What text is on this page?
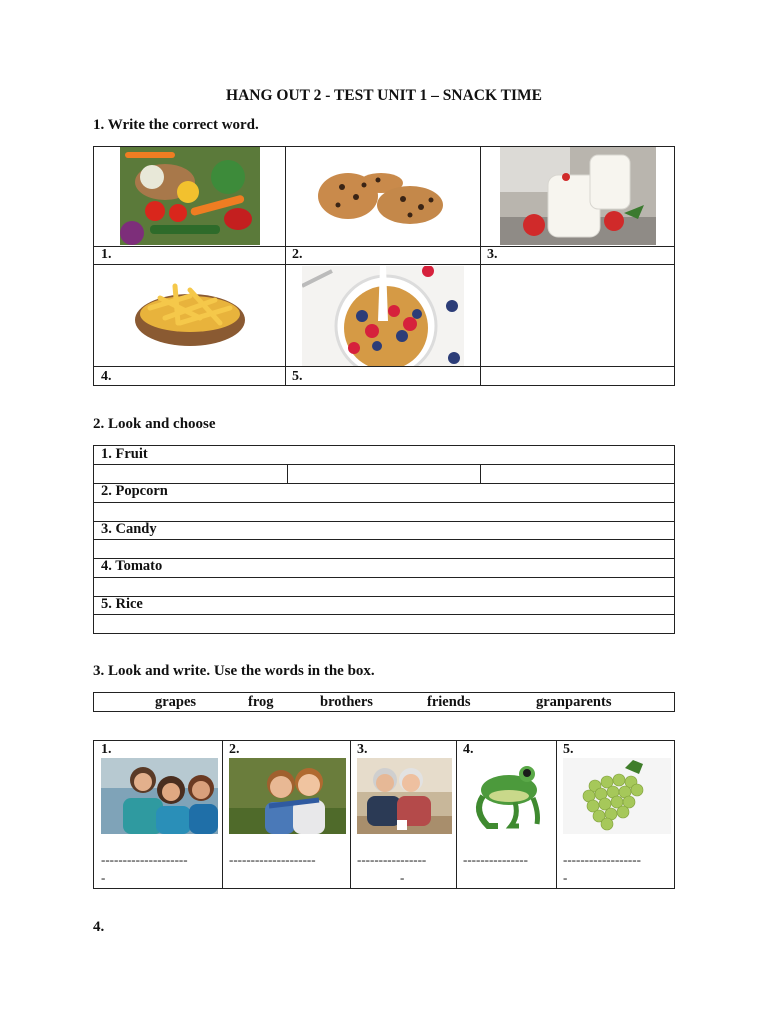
HANG OUT 2 - TEST UNIT 1 – SNACK TIME
1. Write the correct word.
1.	2.	3.
4.	5.
2. Look and choose
1. Fruit
2. Popcorn
3. Candy
4. Tomato
5. Rice
3. Look and write. Use the words in the box.
grapes	frog	brothers	friends	granparents
1.
--------------------
-
2.
--------------------
3.
----------------
-
4.
---------------
5.
------------------
-
4.
